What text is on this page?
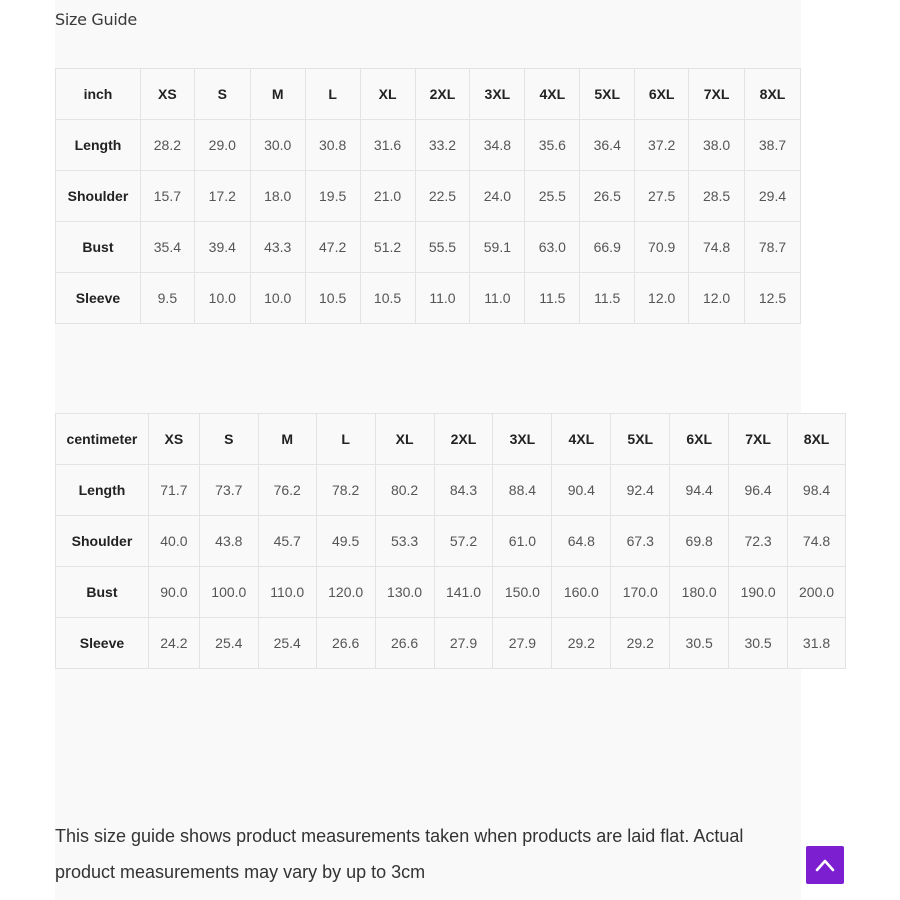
Size Guide
inch	XS	S	M	L	XL	2XL	3XL	4XL	5XL	6XL	7XL	8XL
Length	28.2	29.0	30.0	30.8	31.6	33.2	34.8	35.6	36.4	37.2	38.0	38.7
Shoulder	15.7	17.2	18.0	19.5	21.0	22.5	24.0	25.5	26.5	27.5	28.5	29.4
Bust	35.4	39.4	43.3	47.2	51.2	55.5	59.1	63.0	66.9	70.9	74.8	78.7
Sleeve	9.5	10.0	10.0	10.5	10.5	11.0	11.0	11.5	11.5	12.0	12.0	12.5
centimeter	XS	S	M	L	XL	2XL	3XL	4XL	5XL	6XL	7XL	8XL
Length	71.7	73.7	76.2	78.2	80.2	84.3	88.4	90.4	92.4	94.4	96.4	98.4
Shoulder	40.0	43.8	45.7	49.5	53.3	57.2	61.0	64.8	67.3	69.8	72.3	74.8
Bust	90.0	100.0	110.0	120.0	130.0	141.0	150.0	160.0	170.0	180.0	190.0	200.0
Sleeve	24.2	25.4	25.4	26.6	26.6	27.9	27.9	29.2	29.2	30.5	30.5	31.8
This size guide shows product measurements taken when products are laid flat. Actual product measurements may vary by up to 3cm
